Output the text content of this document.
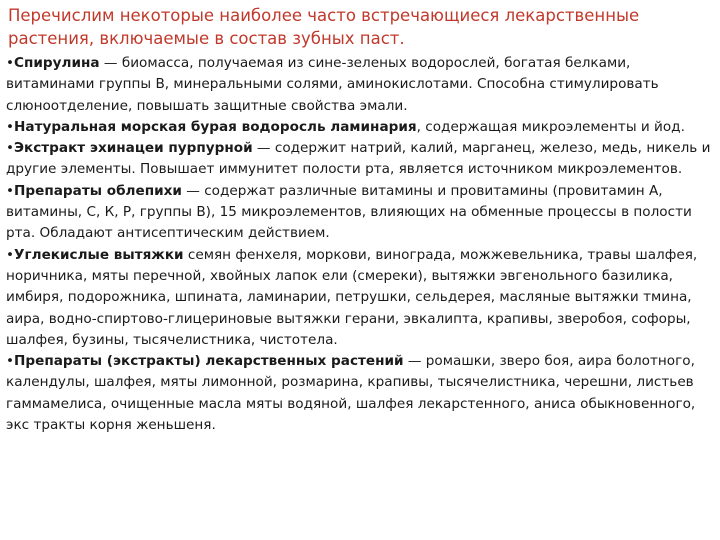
Перечислим некоторые наиболее часто встречающиеся лекарственные растения, включаемые в состав зубных паст.

•Спирулина — биомасса, получаемая из сине-зеленых водорослей, богатая белками, витаминами группы В, минеральными солями, аминокислотами. Способна стимулировать слюноотделение, повышать защитные свойства эмали.

•Натуральная морская бурая водоросль ламинария, содержащая микроэлементы и йод.

•Экстракт эхинацеи пурпурной — содержит натрий, калий, марганец, железо, медь, никель и другие элементы. Повышает иммунитет полости рта, является источником микроэлементов.

•Препараты облепихи — содержат различные витамины и провитамины (провитамин А, витамины, С, К, Р, группы В), 15 микроэлементов, влияющих на обменные процессы в полости рта. Обладают антисептическим действием.

•Углекислые вытяжки семян фенхеля, моркови, винограда, можжевельника, травы шалфея, норичника, мяты перечной, хвойных лапок ели (смереки), вытяжки эвгенольного базилика, имбиря, подорожника, шпината, ламинарии, петрушки, сельдерея, масляные вытяжки тмина, аира, водно-спиртово-глицериновые вытяжки герани, эвкалипта, крапивы, зверобоя, софоры, шалфея, бузины, тысячелистника, чистотела.

•Препараты (экстракты) лекарственных растений — ромашки, зверо боя, аира болотного, календулы, шалфея, мяты лимонной, розмарина, крапивы, тысячелистника, черешни, листьев гаммамелиса, очищенные масла мяты водяной, шалфея лекарстенного, аниса обыкновенного, экс тракты корня женьшеня.
